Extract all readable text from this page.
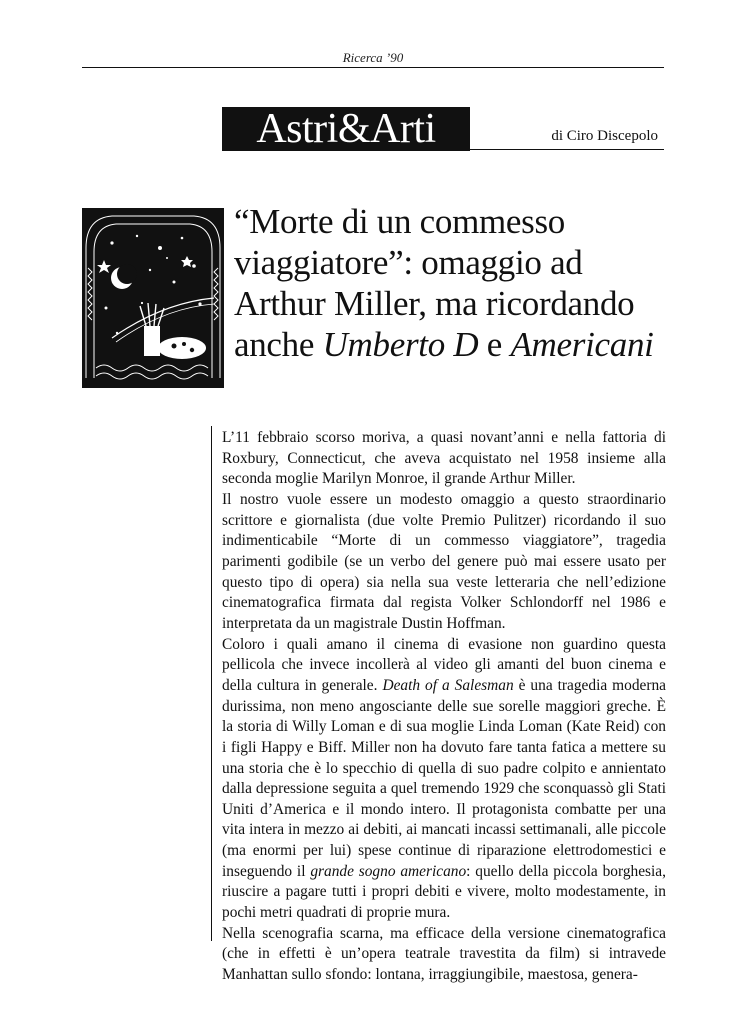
Ricerca ’90
Astri&Arti	di Ciro Discepolo
“Morte di un commesso viaggiatore”: omaggio ad Arthur Miller, ma ricordando anche Umberto D e Americani

L’11 febbraio scorso moriva, a quasi novant’anni e nella fattoria di Roxbury, Connecticut, che aveva acquistato nel 1958 insieme alla seconda moglie Marilyn Monroe, il grande Arthur Miller.

Il nostro vuole essere un modesto omaggio a questo straordinario scrittore e giornalista (due volte Premio Pulitzer) ricordando il suo indimenticabile “Morte di un commesso viaggiatore”, tragedia parimenti godibile (se un verbo del genere può mai essere usato per questo tipo di opera) sia nella sua veste letteraria che nell’edizione cinematografica firmata dal regista Volker Schlondorff nel 1986 e interpretata da un magistrale Dustin Hoffman.

Coloro i quali amano il cinema di evasione non guardino questa pellicola che invece incollerà al video gli amanti del buon cinema e della cultura in generale. Death of a Salesman è una tragedia moderna durissima, non meno angosciante delle sue sorelle maggiori greche. È la storia di Willy Loman e di sua moglie Linda Loman (Kate Reid) con i figli Happy e Biff. Miller non ha dovuto fare tanta fatica a mettere su una storia che è lo specchio di quella di suo padre colpito e annientato dalla depressione seguita a quel tremendo 1929 che sconquassò gli Stati Uniti d’America e il mondo intero. Il protagonista combatte per una vita intera in mezzo ai debiti, ai mancati incassi settimanali, alle piccole (ma enormi per lui) spese continue di riparazione elettrodomestici e inseguendo il grande sogno americano: quello della piccola borghesia, riuscire a pagare tutti i propri debiti e vivere, molto modestamente, in pochi metri quadrati di proprie mura.

Nella scenografia scarna, ma efficace della versione cinematografica (che in effetti è un’opera teatrale travestita da film) si intravede Manhattan sullo sfondo: lontana, irraggiungibile, maestosa, genera-
